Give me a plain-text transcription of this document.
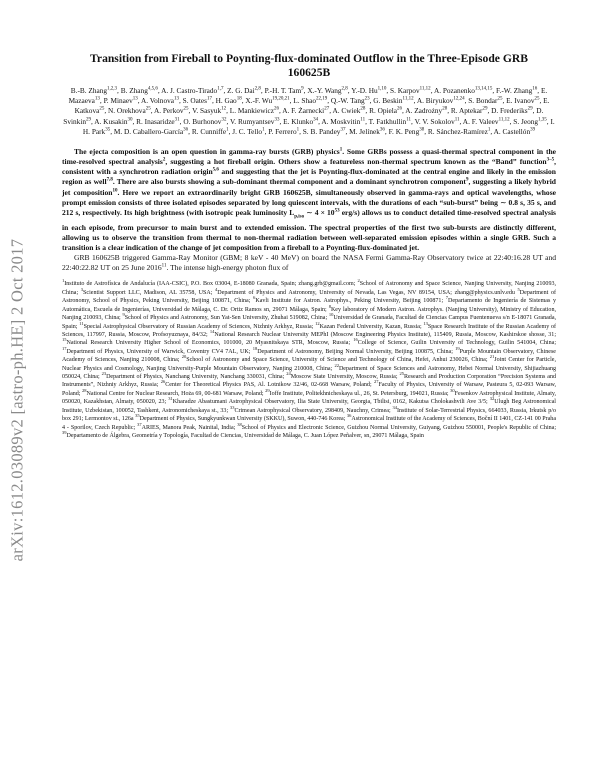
arXiv:1612.03089v2 [astro-ph.HE] 2 Oct 2017
Transition from Fireball to Poynting-flux-dominated Outflow in the Three-Episode GRB 160625B
B.-B. Zhang$^{1,2,3}$, B. Zhang$^{4,5,6}$, A. J. Castro-Tirado$^{1,7}$, Z. G. Dai$^{2,8}$, P.-H. T. Tam$^9$, X.-Y. Wang$^{2,8}$, Y.-D. Hu$^{1,10}$, S. Karpov$^{11,12}$, A. Pozanenko$^{13,14,15}$, F.-W. Zhang$^{16}$, E. Mazaeva$^{13}$, P. Minaev$^{13}$, A. Volnova$^{13}$, S. Oates$^{17}$, H. Gao$^{18}$, X.-F. Wu$^{19,20,21}$, L. Shao$^{22,19}$, Q.-W. Tang$^{23}$, G. Beskin$^{11,12}$, A. Biryukov$^{12,24}$, S. Bondar$^{25}$, E. Ivanov$^{25}$, E. Katkova$^{25}$, N. Orekhova$^{25}$, A. Perkov$^{25}$, V. Sasyuk$^{12}$, L. Mankiewicz$^{26}$, A. F. Żarnecki$^{27}$, A. Cwiek$^{28}$, R. Opiela$^{26}$, A. Zadrożny$^{28}$, R. Aptekar$^{29}$, D. Frederiks$^{29}$, D. Svinkin$^{29}$, A. Kusakin$^{30}$, R. Inasaridze$^{31}$, O. Burhonov$^{32}$, V. Rumyantsev$^{33}$, E. Klunko$^{34}$, A. Moskvitin$^{11}$, T. Fatkhullin$^{11}$, V. V. Sokolov$^{11}$, A. F. Valeev$^{11,12}$, S. Jeong$^{1,35}$, I. H. Park$^{35}$, M. D. Caballero-García$^{36}$, R. Cunniffe$^1$, J. C. Tello$^1$, P. Ferrero$^1$, S. B. Pandey$^{37}$, M. Jelínek$^{36}$, F. K. Peng$^{38}$, R. Sánchez-Ramírez$^1$, A. Castellón$^{39}$

The ejecta composition is an open question in gamma-ray bursts (GRB) physics$^1$. Some GRBs possess a quasi-thermal spectral component in the time-resolved spectral analysis$^2$, suggesting a hot fireball origin. Others show a featureless non-thermal spectrum known as the “Band” function$^{3-5}$, consistent with a synchrotron radiation origin$^{5,6}$ and suggesting that the jet is Poynting-flux-dominated at the central engine and likely in the emission region as well$^{7,8}$. There are also bursts showing a sub-dominant thermal component and a dominant synchrotron component$^9$, suggesting a likely hybrid jet composition$^{10}$. Here we report an extraordinarily bright GRB 160625B, simultaneously observed in gamma-rays and optical wavelengths, whose prompt emission consists of three isolated episodes separated by long quiescent intervals, with the durations of each “sub-burst” being ∼ 0.8 s, 35 s, and 212 s, respectively. Its high brightness (with isotropic peak luminosity $L_{p,iso}$ ∼ $4 \times 10^{53}$ erg/s) allows us to conduct detailed time-resolved spectral analysis in each episode, from precursor to main burst and to extended emission. The spectral properties of the first two sub-bursts are distinctly different, allowing us to observe the transition from thermal to non-thermal radiation between well-separated emission episodes within a single GRB. Such a transition is a clear indication of the change of jet composition from a fireball to a Poynting-flux-dominated jet.

GRB 160625B triggered Gamma-Ray Monitor (GBM; 8 keV - 40 MeV) on board the NASA Fermi Gamma-Ray Observatory twice at 22:40:16.28 UT and 22:40:22.82 UT on 25 June 2016$^{11}$. The intense high-energy photon flux of

$^1$Instituto de Astrofísica de Andalucía (IAA-CSIC), P.O. Box 03004, E-18080 Granada, Spain; zhang.grb@gmail.com; $^2$School of Astronomy and Space Science, Nanjing University, Nanjing 210093, China; $^3$Scientist Support LLC, Madison, AL 35758, USA; $^4$Department of Physics and Astronomy, University of Nevada, Las Vegas, NV 89154, USA; zhang@physics.unlv.edu $^5$Department of Astronomy, School of Physics, Peking University, Beijing 100871, China; $^6$Kavli Institute for Astron. Astrophys., Peking University, Beijing 100871; $^7$Departamento de Ingeniería de Sistemas y Automática, Escuela de Ingenierías, Universidad de Málaga, C. Dr. Ortiz Ramos sn, 29071 Málaga, Spain; $^8$Key laboratory of Modern Astron. Astrophys. (Nanjing University), Ministry of Education, Nanjing 210093, China; $^9$School of Physics and Astronomy, Sun Yat-Sen University, Zhuhai 519082, China; $^{10}$Universidad de Granada, Facultad de Ciencias Campus Fuentenueva s/n E-18071 Granada, Spain; $^{11}$Special Astrophysical Observatory of Russian Academy of Sciences, Nizhniy Arkhyz, Russia; $^{12}$Kazan Federal University, Kazan, Russia; $^{13}$Space Research Institute of the Russian Academy of Sciences, 117997, Russia, Moscow, Profsoyuznaya, 84/32; $^{14}$National Research Nuclear University MEPhI (Moscow Engineering Physics Institute), 115409, Russia, Moscow, Kashirskoe shosse, 31; $^{15}$National Research University Higher School of Economics, 101000, 20 Myasnitskaya STR, Moscow, Russia; $^{16}$College of Science, Guilin University of Technology, Guilin 541004, China; $^{17}$Department of Physics, University of Warwick, Coventry CV4 7AL, UK; $^{18}$Department of Astronomy, Beijing Normal University, Beijing 100875, China; $^{19}$Purple Mountain Observatory, Chinese Academy of Sciences, Nanjing 210008, China; $^{20}$School of Astronomy and Space Science, University of Science and Technology of China, Hefei, Anhui 230026, China; $^{21}$Joint Center for Particle, Nuclear Physics and Cosmology, Nanjing University-Purple Mountain Observatory, Nanjing 210008, China; $^{22}$Department of Space Sciences and Astronomy, Hebei Normal University, Shijiazhuang 050024, China; $^{23}$Department of Physics, Nanchang University, Nanchang 330031, China; $^{24}$Moscow State University, Moscow, Russia; $^{25}$Research and Production Corporation “Precision Systems and Instruments”, Nizhniy Arkhyz, Russia; $^{26}$Center for Theoretical Physics PAS, Al. Lotnikow 32/46, 02-668 Warsaw, Poland; $^{27}$Faculty of Physics, University of Warsaw, Pasteura 5, 02-093 Warsaw, Poland; $^{28}$National Centre for Nuclear Research, Hoża 69, 00-681 Warsaw, Poland; $^{29}$Ioffe Institute, Politekhnicheskaya ul., 26, St. Petersburg, 194021, Russia; $^{30}$Fesenkov Astrophysical Institute, Almaty, 050020, Kazakhstan, Almaty, 050020, 23; $^{31}$Kharadze Abastumani Astrophysical Observatory, Ilia State University, Georgia, Tbilisi, 0162, Kakutsa Cholokashvili Ave 3/5; $^{32}$Ulugh Beg Astronomical Institute, Uzbekistan, 100052, Tashkent, Astronomicheskaya st., 33; $^{33}$Crimean Astrophysical Observatory, 298409, Nauchny, Crimea; $^{34}$Institute of Solar-Terrestrial Physics, 664033, Russia, Irkutsk p/o box 291; Lermontov st., 126a $^{35}$Department of Physics, Sungkyunkwan University (SKKU), Suwon, 440-746 Korea; $^{36}$Astronomical Institute of the Academy of Sciences, Boční II 1401, CZ-141 00 Praha 4 - Sporilov, Czech Republic; $^{37}$ARIES, Manora Peak, Nainital, India; $^{38}$School of Physics and Electronic Science, Guizhou Normal University, Guiyang, Guizhou 550001, People's Republic of China; $^{39}$Departamento de Álgebra, Geometría y Topología, Facultad de Ciencias, Universidad de Málaga, C. Juan López Peñalver, sn, 29071 Málaga, Spain
